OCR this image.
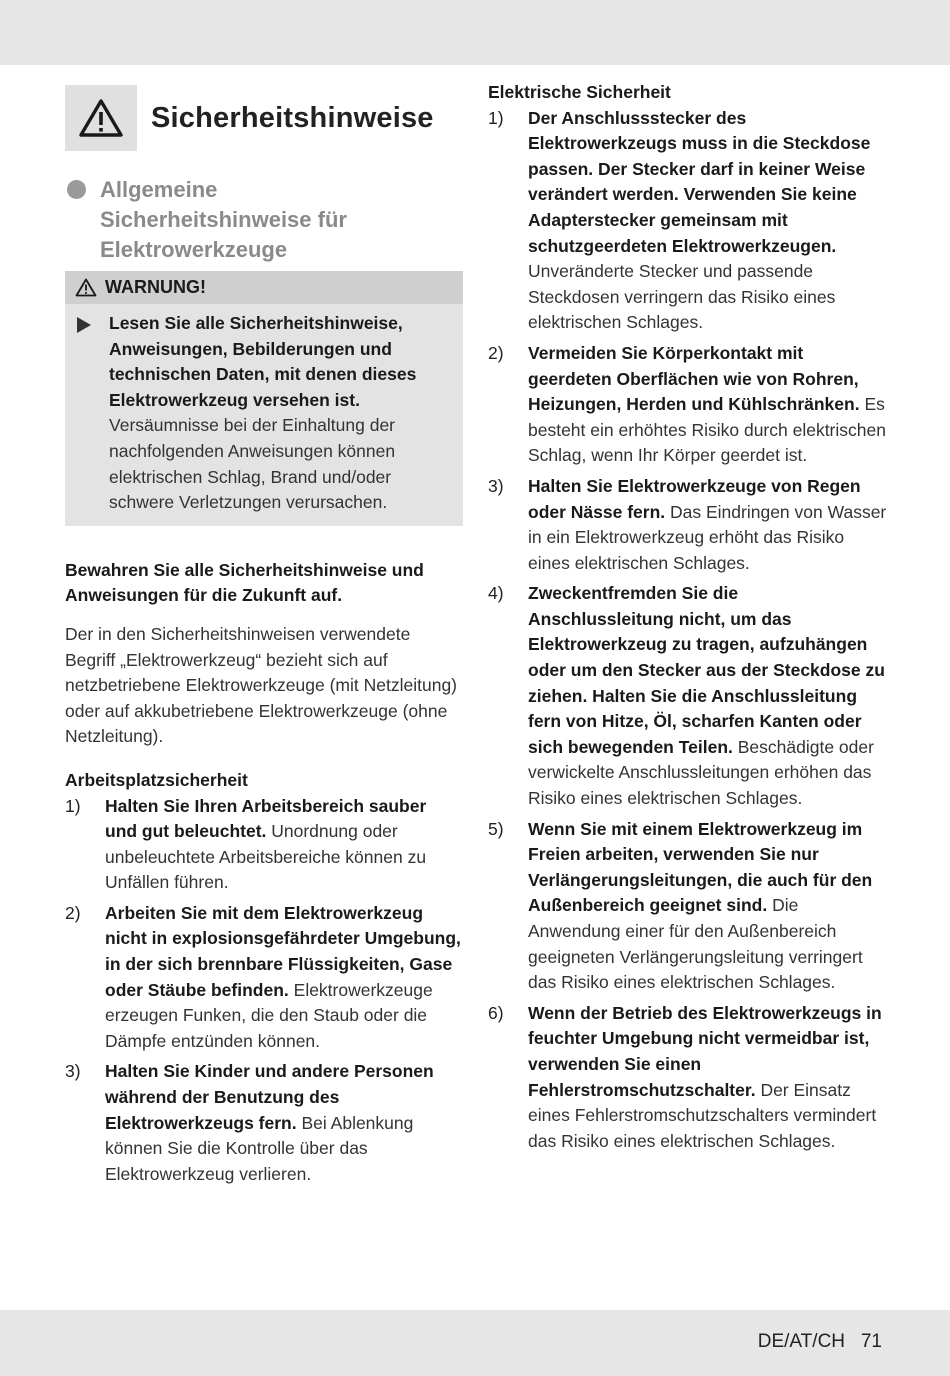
Sicherheitshinweise
Allgemeine
Sicherheitshinweise für
Elektrowerkzeuge
WARNUNG!
Lesen Sie alle Sicherheitshinweise, Anweisungen, Bebilderungen und technischen Daten, mit denen dieses Elektrowerkzeug versehen ist. Versäumnisse bei der Einhaltung der nachfolgenden Anweisungen können elektrischen Schlag, Brand und/oder schwere Verletzungen verursachen.
Bewahren Sie alle Sicherheitshinweise und Anweisungen für die Zukunft auf.
Der in den Sicherheitshinweisen verwendete Begriff „Elektrowerkzeug“ bezieht sich auf netzbetriebene Elektrowerkzeuge (mit Netzleitung) oder auf akkubetriebene Elektrowerkzeuge (ohne Netzleitung).
Arbeitsplatzsicherheit
1)	Halten Sie Ihren Arbeitsbereich sauber und gut beleuchtet. Unordnung oder unbeleuchtete Arbeitsbereiche können zu Unfällen führen.
2)	Arbeiten Sie mit dem Elektrowerkzeug nicht in explosionsgefährdeter Umgebung, in der sich brennbare Flüssigkeiten, Gase oder Stäube befinden. Elektrowerkzeuge erzeugen Funken, die den Staub oder die Dämpfe entzünden können.
3)	Halten Sie Kinder und andere Personen während der Benutzung des Elektrowerkzeugs fern. Bei Ablenkung können Sie die Kontrolle über das Elektrowerkzeug verlieren.
Elektrische Sicherheit
1)	Der Anschlussstecker des Elektrowerkzeugs muss in die Steckdose passen. Der Stecker darf in keiner Weise verändert werden. Verwenden Sie keine Adapterstecker gemeinsam mit schutzgeerdeten Elektrowerkzeugen. Unveränderte Stecker und passende Steckdosen verringern das Risiko eines elektrischen Schlages.
2)	Vermeiden Sie Körperkontakt mit geerdeten Oberflächen wie von Rohren, Heizungen, Herden und Kühlschränken. Es besteht ein erhöhtes Risiko durch elektrischen Schlag, wenn Ihr Körper geerdet ist.
3)	Halten Sie Elektrowerkzeuge von Regen oder Nässe fern. Das Eindringen von Wasser in ein Elektrowerkzeug erhöht das Risiko eines elektrischen Schlages.
4)	Zweckentfremden Sie die Anschlussleitung nicht, um das Elektrowerkzeug zu tragen, aufzuhängen oder um den Stecker aus der Steckdose zu ziehen. Halten Sie die Anschlussleitung fern von Hitze, Öl, scharfen Kanten oder sich bewegenden Teilen. Beschädigte oder verwickelte Anschlussleitungen erhöhen das Risiko eines elektrischen Schlages.
5)	Wenn Sie mit einem Elektrowerkzeug im Freien arbeiten, verwenden Sie nur Verlängerungsleitungen, die auch für den Außenbereich geeignet sind. Die Anwendung einer für den Außenbereich geeigneten Verlängerungsleitung verringert das Risiko eines elektrischen Schlages.
6)	Wenn der Betrieb des Elektrowerkzeugs in feuchter Umgebung nicht vermeidbar ist, verwenden Sie einen Fehlerstromschutzschalter. Der Einsatz eines Fehlerstromschutzschalters vermindert das Risiko eines elektrischen Schlages.
DE/AT/CH 71
